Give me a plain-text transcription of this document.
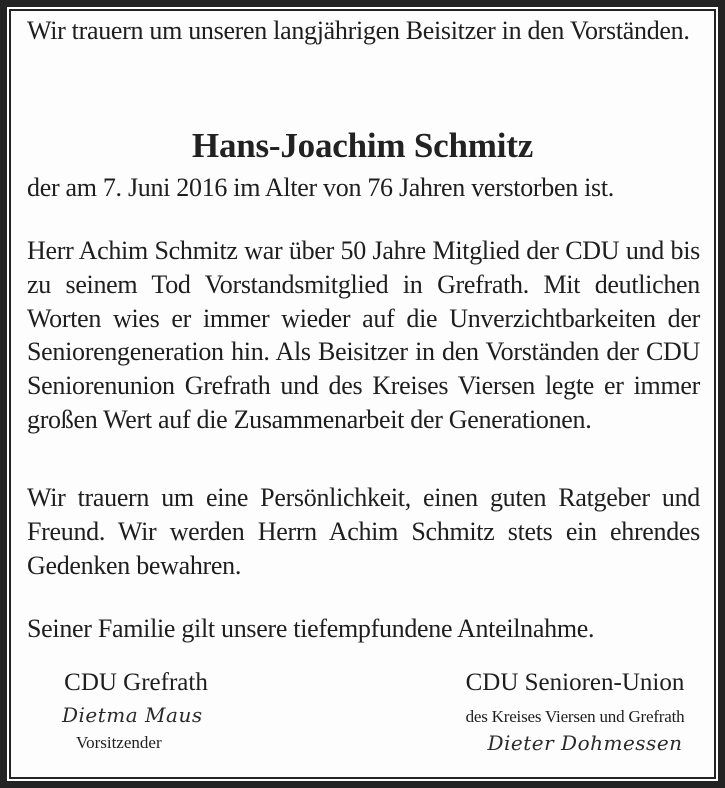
Wir trauern um unseren langjährigen Beisitzer in den Vorständen.

Hans-Joachim Schmitz

der am 7. Juni 2016 im Alter von 76 Jahren verstorben ist.

Herr Achim Schmitz war über 50 Jahre Mitglied der CDU und bis zu seinem Tod Vorstandsmitglied in Grefrath. Mit deutlichen Worten wies er immer wieder auf die Unverzichtbarkeiten der Seniorengeneration hin. Als Beisitzer in den Vorständen der CDU Seniorenunion Grefrath und des Kreises Viersen legte er immer großen Wert auf die Zusammenarbeit der Generationen.

Wir trauern um eine Persönlichkeit, einen guten Ratgeber und Freund. Wir werden Herrn Achim Schmitz stets ein ehrendes Gedenken bewahren.

Seiner Familie gilt unsere tiefempfundene Anteilnahme.

CDU Grefrath
Dietma Maus
Vorsitzender
CDU Senioren-Union
des Kreises Viersen und Grefrath
Dieter Dohmessen
